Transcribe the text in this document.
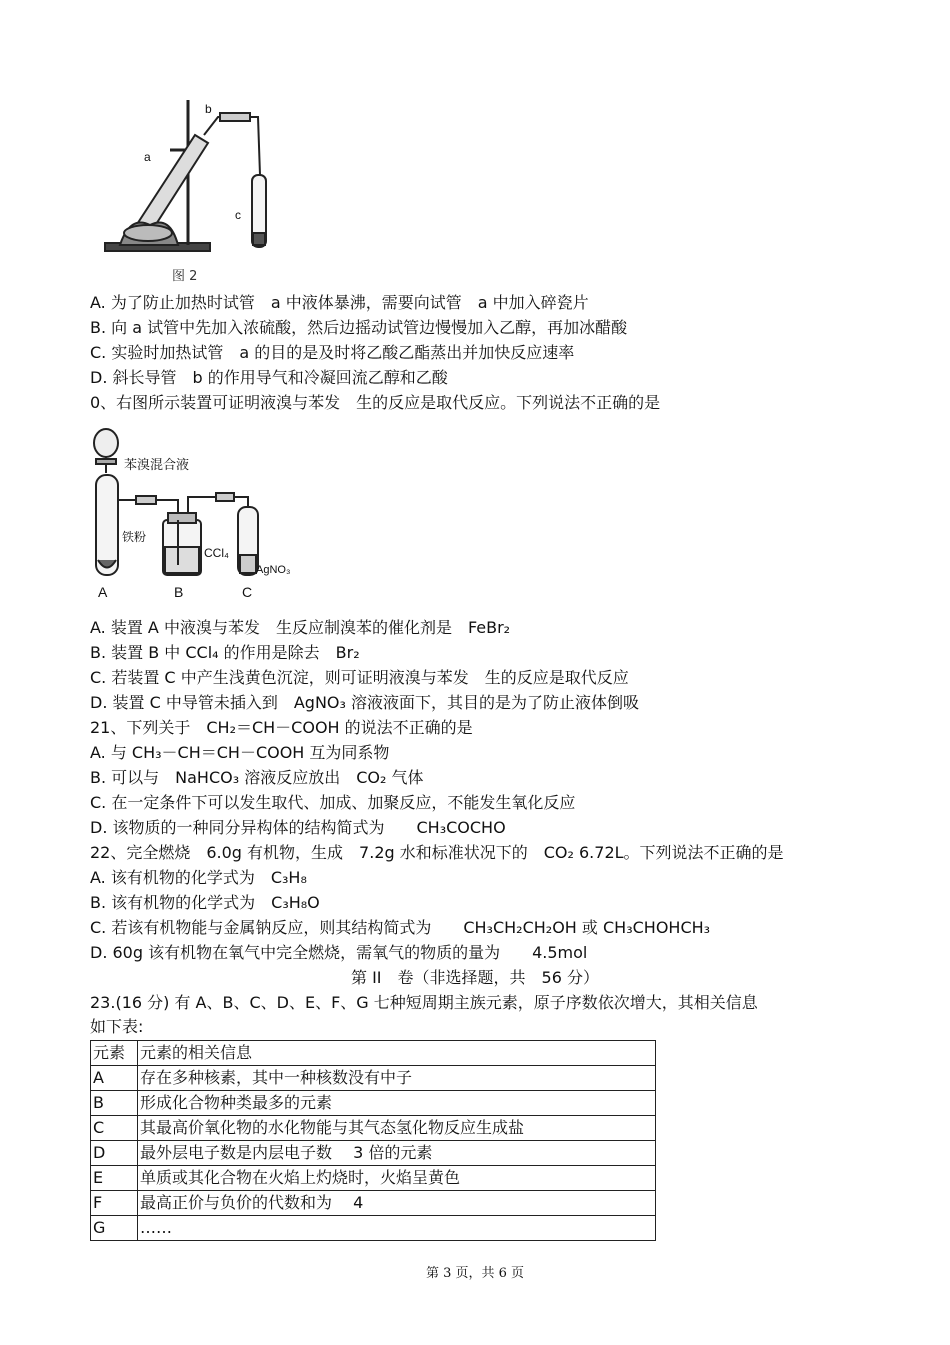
b
a
c
图 2
A. 为了防止加热时试管　a 中液体暴沸，需要向试管　a 中加入碎瓷片
B. 向 a 试管中先加入浓硫酸，然后边摇动试管边慢慢加入乙醇，再加冰醋酸
C. 实验时加热试管　a 的目的是及时将乙酸乙酯蒸出并加快反应速率
D. 斜长导管　b 的作用导气和冷凝回流乙醇和乙酸
0、右图所示装置可证明液溴与苯发　生的反应是取代反应。下列说法不正确的是
苯溴混合液
铁粉
CCl₄
AgNO₃
A	B	C
A. 装置 A 中液溴与苯发　生反应制溴苯的催化剂是　FeBr₂
B. 装置 B 中 CCl₄ 的作用是除去　Br₂
C. 若装置 C 中产生浅黄色沉淀，则可证明液溴与苯发　生的反应是取代反应
D. 装置 C 中导管未插入到　AgNO₃ 溶液液面下，其目的是为了防止液体倒吸
21、下列关于　CH₂＝CH－COOH 的说法不正确的是
A. 与 CH₃－CH＝CH－COOH 互为同系物
B. 可以与　NaHCO₃ 溶液反应放出　CO₂ 气体
C. 在一定条件下可以发生取代、加成、加聚反应，不能发生氧化反应
D. 该物质的一种同分异构体的结构简式为　　CH₃COCHO
22、完全燃烧　6.0g 有机物，生成　7.2g 水和标准状况下的　CO₂ 6.72L。下列说法不正确的是
A. 该有机物的化学式为　C₃H₈
B. 该有机物的化学式为　C₃H₈O
C. 若该有机物能与金属钠反应，则其结构简式为　　CH₃CH₂CH₂OH 或 CH₃CHOHCH₃
D. 60g 该有机物在氧气中完全燃烧，需氧气的物质的量为　　4.5mol
第 II　卷（非选择题，共　56 分）
23.(16 分) 有 A、B、C、D、E、F、G 七种短周期主族元素，原子序数依次增大，其相关信息
如下表:
元素	元素的相关信息
A	存在多种核素，其中一种核数没有中子
B	形成化合物种类最多的元素
C	其最高价氧化物的水化物能与其气态氢化物反应生成盐
D	最外层电子数是内层电子数　 3 倍的元素
E	单质或其化合物在火焰上灼烧时，火焰呈黄色
F	最高正价与负价的代数和为　 4
G	……
第 3 页，共 6 页
